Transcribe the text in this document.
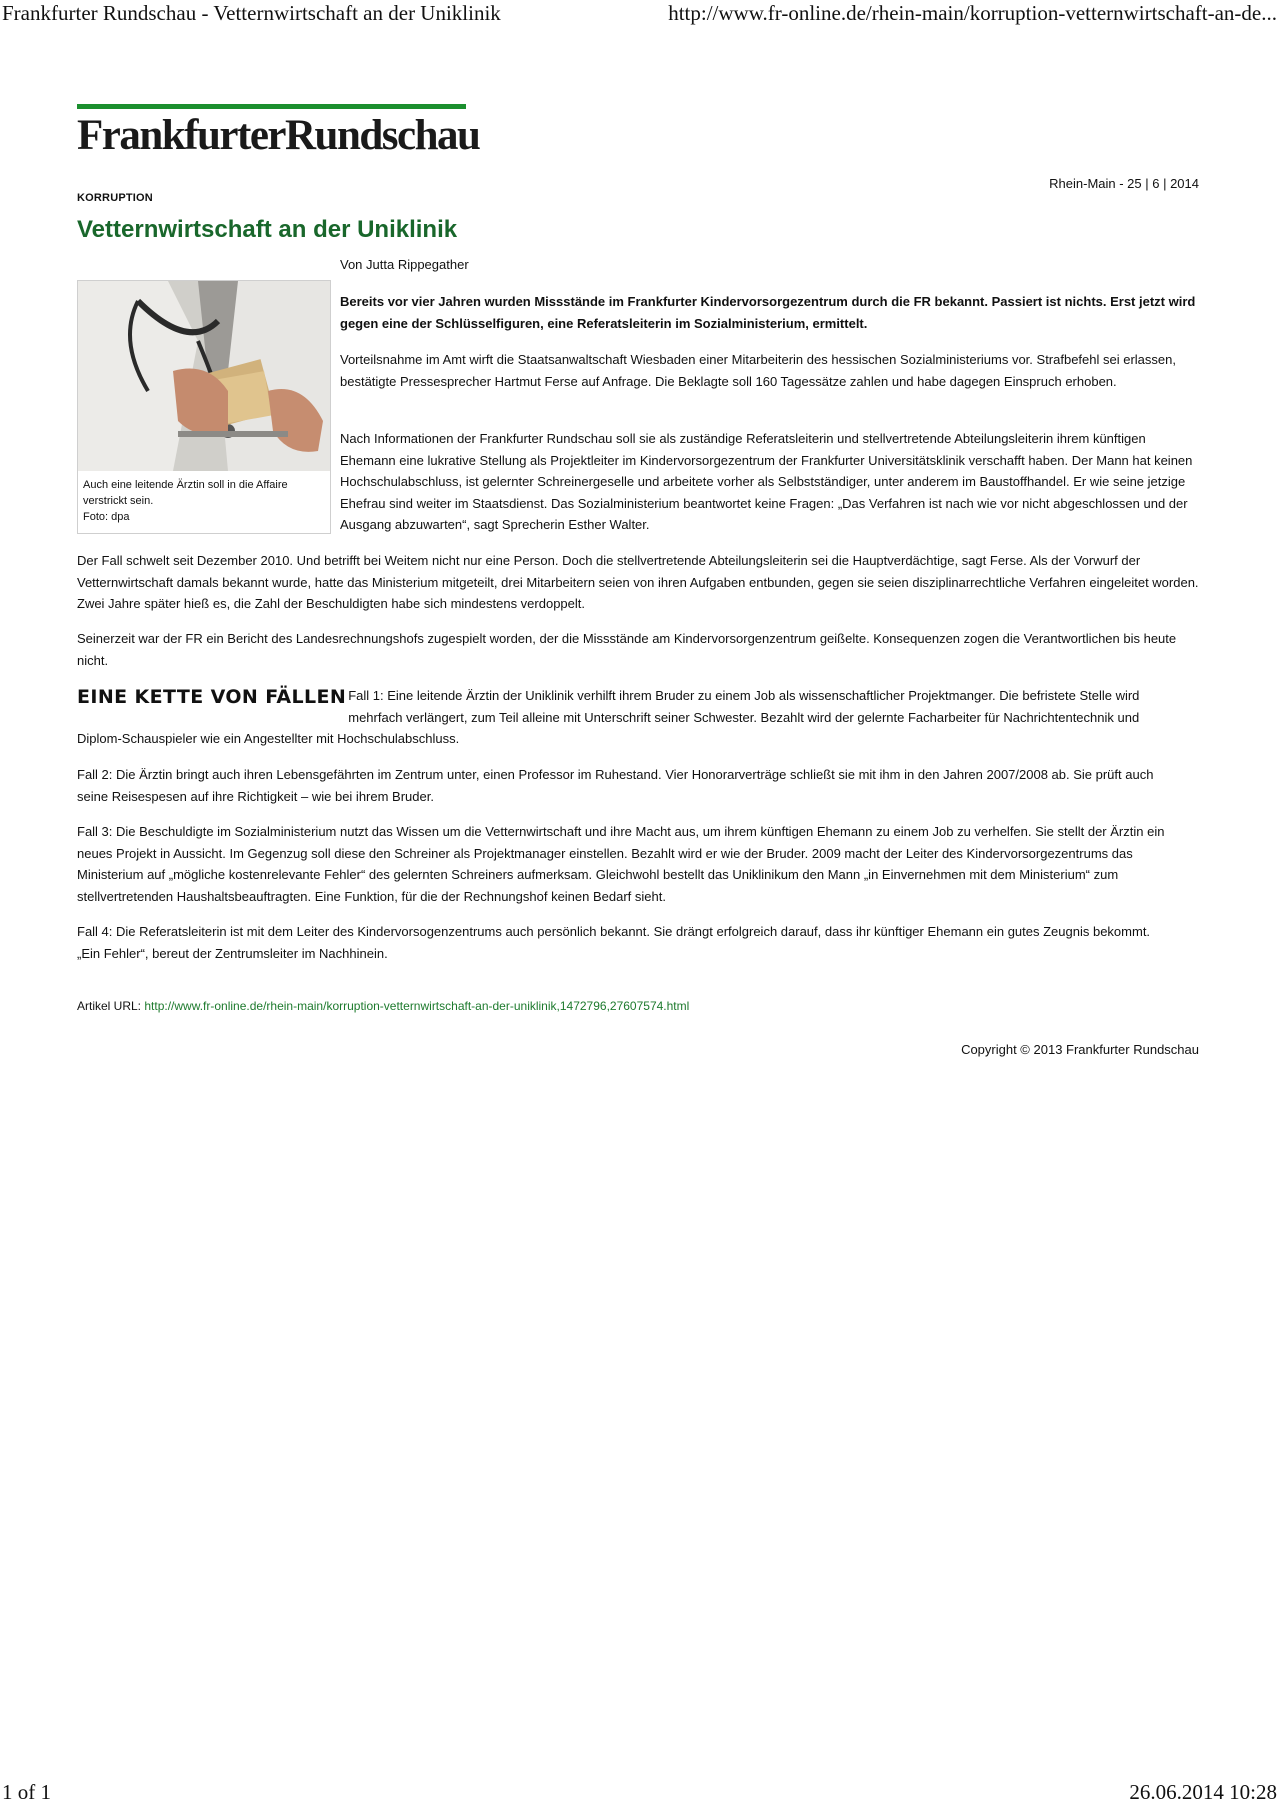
Frankfurter Rundschau - Vetternwirtschaft an der Uniklinik	http://www.fr-online.de/rhein-main/korruption-vetternwirtschaft-an-de...
FrankfurterRundschau
KORRUPTION
Rhein-Main - 25 | 6 | 2014
Vetternwirtschaft an der Uniklinik
Von Jutta Rippegather
Auch eine leitende Ärztin soll in die Affaire verstrickt sein.
Foto: dpa

Bereits vor vier Jahren wurden Missstände im Frankfurter Kindervorsorgezentrum durch die FR bekannt. Passiert ist nichts. Erst jetzt wird gegen eine der Schlüsselfiguren, eine Referatsleiterin im Sozialministerium, ermittelt.

Vorteilsnahme im Amt wirft die Staatsanwaltschaft Wiesbaden einer Mitarbeiterin des hessischen Sozialministeriums vor. Strafbefehl sei erlassen, bestätigte Pressesprecher Hartmut Ferse auf Anfrage. Die Beklagte soll 160 Tagessätze zahlen und habe dagegen Einspruch erhoben.

Nach Informationen der Frankfurter Rundschau soll sie als zuständige Referatsleiterin und stellvertretende Abteilungsleiterin ihrem künftigen Ehemann eine lukrative Stellung als Projektleiter im Kindervorsorgezentrum der Frankfurter Universitätsklinik verschafft haben. Der Mann hat keinen Hochschulabschluss, ist gelernter Schreinergeselle und arbeitete vorher als Selbstständiger, unter anderem im Baustoffhandel. Er wie seine jetzige Ehefrau sind weiter im Staatsdienst. Das Sozialministerium beantwortet keine Fragen: „Das Verfahren ist nach wie vor nicht abgeschlossen und der Ausgang abzuwarten“, sagt Sprecherin Esther Walter.

Der Fall schwelt seit Dezember 2010. Und betrifft bei Weitem nicht nur eine Person. Doch die stellvertretende Abteilungsleiterin sei die Hauptverdächtige, sagt Ferse. Als der Vorwurf der Vetternwirtschaft damals bekannt wurde, hatte das Ministerium mitgeteilt, drei Mitarbeitern seien von ihren Aufgaben entbunden, gegen sie seien disziplinarrechtliche Verfahren eingeleitet worden. Zwei Jahre später hieß es, die Zahl der Beschuldigten habe sich mindestens verdoppelt.

Seinerzeit war der FR ein Bericht des Landesrechnungshofs zugespielt worden, der die Missstände am Kindervorsorgenzentrum geißelte. Konsequenzen zogen die Verantwortlichen bis heute nicht.

EINE KETTE VON FÄLLEN Fall 1: Eine leitende Ärztin der Uniklinik verhilft ihrem Bruder zu einem Job als wissenschaftlicher Projektmanger. Die befristete Stelle wird mehrfach verlängert, zum Teil alleine mit Unterschrift seiner Schwester. Bezahlt wird der gelernte Facharbeiter für Nachrichtentechnik und Diplom-Schauspieler wie ein Angestellter mit Hochschulabschluss.

Fall 2: Die Ärztin bringt auch ihren Lebensgefährten im Zentrum unter, einen Professor im Ruhestand. Vier Honorarverträge schließt sie mit ihm in den Jahren 2007/2008 ab. Sie prüft auch seine Reisespesen auf ihre Richtigkeit – wie bei ihrem Bruder.

Fall 3: Die Beschuldigte im Sozialministerium nutzt das Wissen um die Vetternwirtschaft und ihre Macht aus, um ihrem künftigen Ehemann zu einem Job zu verhelfen. Sie stellt der Ärztin ein neues Projekt in Aussicht. Im Gegenzug soll diese den Schreiner als Projektmanager einstellen. Bezahlt wird er wie der Bruder. 2009 macht der Leiter des Kindervorsorgezentrums das Ministerium auf „mögliche kostenrelevante Fehler“ des gelernten Schreiners aufmerksam. Gleichwohl bestellt das Uniklinikum den Mann „in Einvernehmen mit dem Ministerium“ zum stellvertretenden Haushaltsbeauftragten. Eine Funktion, für die der Rechnungshof keinen Bedarf sieht.

Fall 4: Die Referatsleiterin ist mit dem Leiter des Kindervorsogenzentrums auch persönlich bekannt. Sie drängt erfolgreich darauf, dass ihr künftiger Ehemann ein gutes Zeugnis bekommt. „Ein Fehler“, bereut der Zentrumsleiter im Nachhinein.

Artikel URL: http://www.fr-online.de/rhein-main/korruption-vetternwirtschaft-an-der-uniklinik,1472796,27607574.html
Copyright © 2013 Frankfurter Rundschau
1 of 1	26.06.2014 10:28
